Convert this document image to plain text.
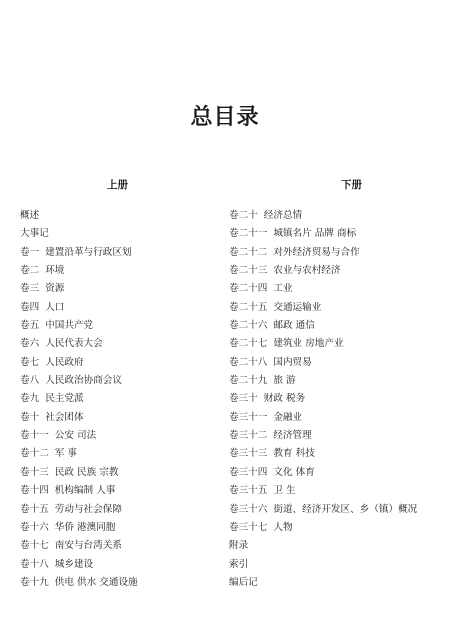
总目录
上册	下册
概述
大事记
卷一 建置沿革与行政区划
卷二 环境
卷三 资源
卷四 人口
卷五 中国共产党
卷六 人民代表大会
卷七 人民政府
卷八 人民政治协商会议
卷九 民主党派
卷十 社会团体
卷十一 公安 司法
卷十二 军 事
卷十三 民政 民族 宗教
卷十四 机构编制 人事
卷十五 劳动与社会保障
卷十六 华侨 港澳同胞
卷十七 南安与台湾关系
卷十八 城乡建设
卷十九 供电 供水 交通设施
卷二十 经济总情
卷二十一 城镇名片 品牌 商标
卷二十二 对外经济贸易与合作
卷二十三 农业与农村经济
卷二十四 工业
卷二十五 交通运输业
卷二十六 邮政 通信
卷二十七 建筑业 房地产业
卷二十八 国内贸易
卷二十九 旅 游
卷三十 财政 税务
卷三十一 金融业
卷三十二 经济管理
卷三十三 教育 科技
卷三十四 文化 体育
卷三十五 卫 生
卷三十六 街道、经济开发区、乡（镇）概况
卷三十七 人物
附录
索引
编后记
